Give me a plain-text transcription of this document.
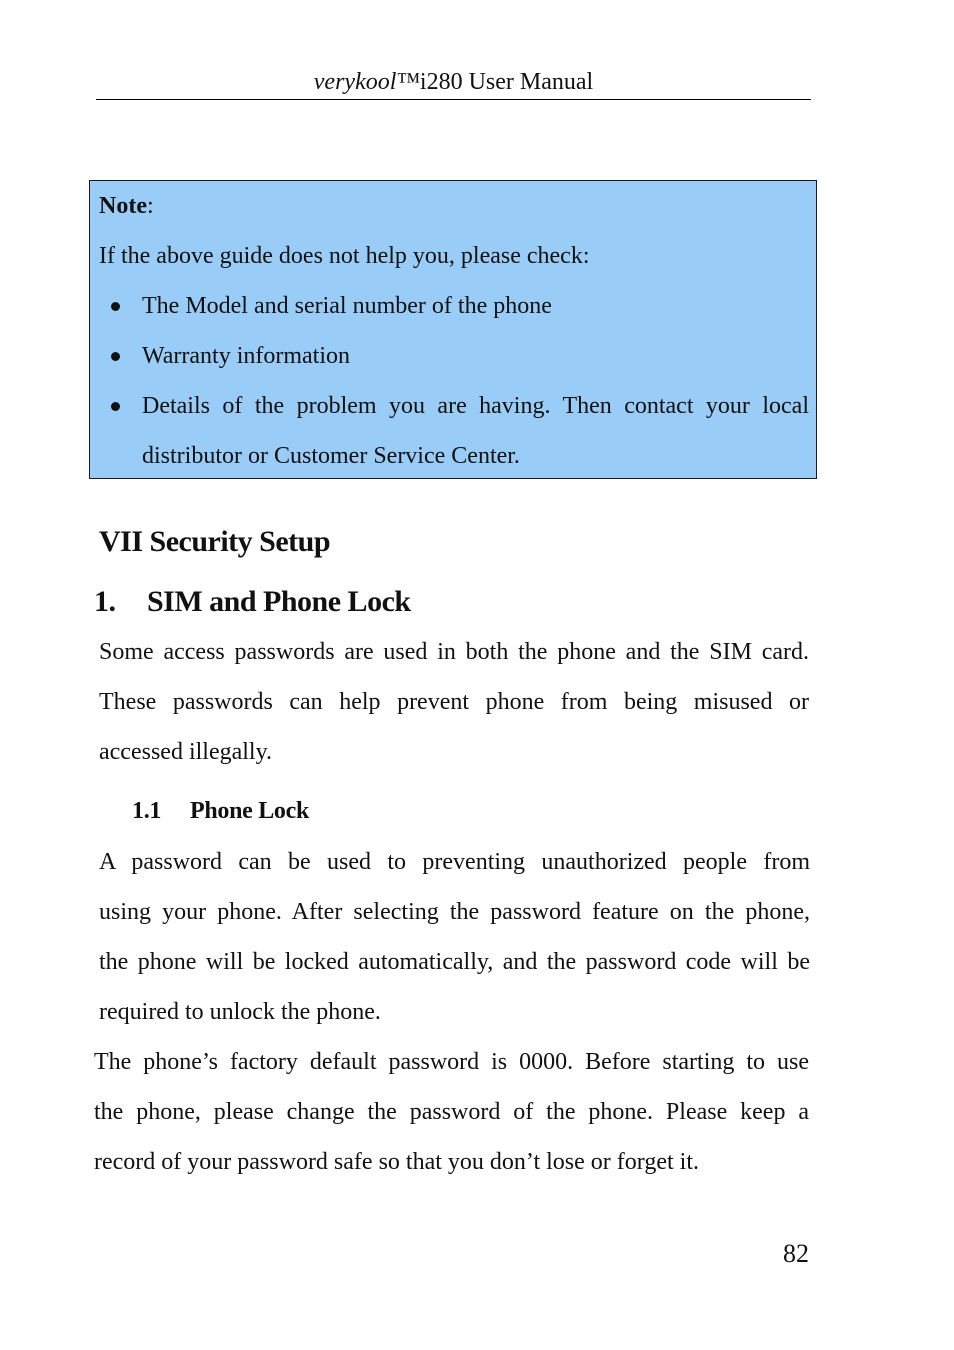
verykool™i280 User Manual
Note:
If the above guide does not help you, please check:
The Model and serial number of the phone
Warranty information
Details of the problem you are having. Then contact your local
distributor or Customer Service Center.
VII Security Setup
1. SIM and Phone Lock
Some access passwords are used in both the phone and the SIM card.
These passwords can help prevent phone from being misused or
accessed illegally.
1.1 Phone Lock
A password can be used to preventing unauthorized people from
using your phone. After selecting the password feature on the phone,
the phone will be locked automatically, and the password code will be
required to unlock the phone.
The phone’s factory default password is 0000. Before starting to use
the phone, please change the password of the phone. Please keep a
record of your password safe so that you don’t lose or forget it.
82
